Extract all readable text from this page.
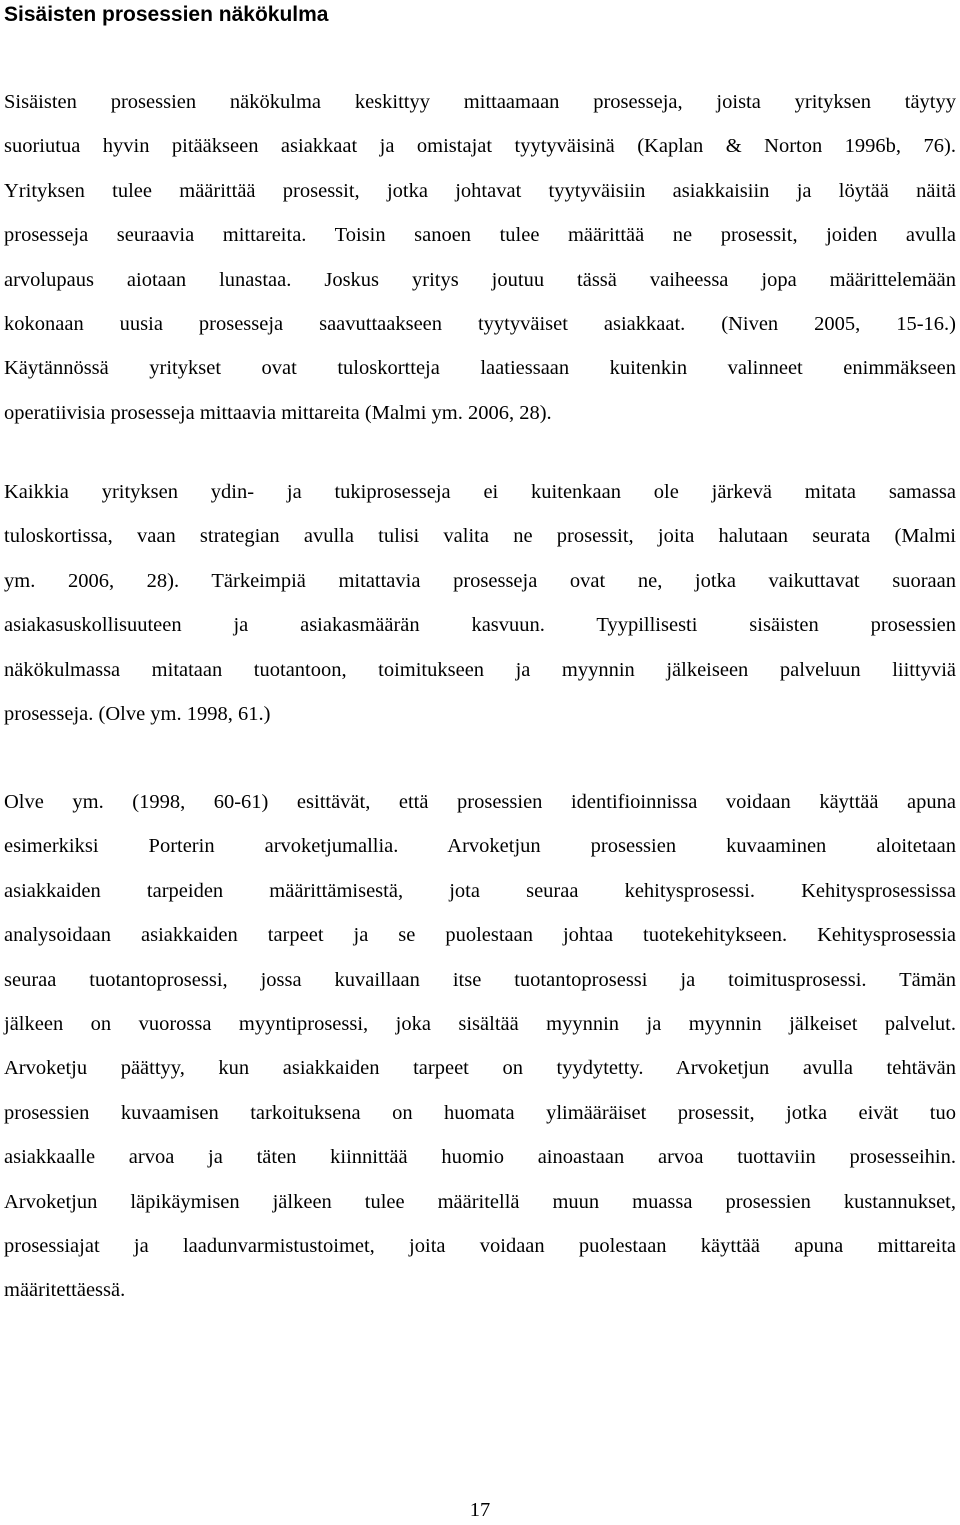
Sisäisten prosessien näkökulma

Sisäisten prosessien näkökulma keskittyy mittaamaan prosesseja, joista yrityksen täytyy
suoriutua hyvin pitääkseen asiakkaat ja omistajat tyytyväisinä (Kaplan & Norton 1996b, 76).
Yrityksen tulee määrittää prosessit, jotka johtavat tyytyväisiin asiakkaisiin ja löytää näitä
prosesseja seuraavia mittareita. Toisin sanoen tulee määrittää ne prosessit, joiden avulla
arvolupaus aiotaan lunastaa. Joskus yritys joutuu tässä vaiheessa jopa määrittelemään
kokonaan uusia prosesseja saavuttaakseen tyytyväiset asiakkaat. (Niven 2005, 15-16.)
Käytännössä yritykset ovat tuloskortteja laatiessaan kuitenkin valinneet enimmäkseen
operatiivisia prosesseja mittaavia mittareita (Malmi ym. 2006, 28).

Kaikkia yrityksen ydin- ja tukiprosesseja ei kuitenkaan ole järkevä mitata samassa
tuloskortissa, vaan strategian avulla tulisi valita ne prosessit, joita halutaan seurata (Malmi
ym. 2006, 28). Tärkeimpiä mitattavia prosesseja ovat ne, jotka vaikuttavat suoraan
asiakasuskollisuuteen ja asiakasmäärän kasvuun. Tyypillisesti sisäisten prosessien
näkökulmassa mitataan tuotantoon, toimitukseen ja myynnin jälkeiseen palveluun liittyviä
prosesseja. (Olve ym. 1998, 61.)

Olve ym. (1998, 60-61) esittävät, että prosessien identifioinnissa voidaan käyttää apuna
esimerkiksi Porterin arvoketjumallia. Arvoketjun prosessien kuvaaminen aloitetaan
asiakkaiden tarpeiden määrittämisestä, jota seuraa kehitysprosessi. Kehitysprosessissa
analysoidaan asiakkaiden tarpeet ja se puolestaan johtaa tuotekehitykseen. Kehitysprosessia
seuraa tuotantoprosessi, jossa kuvaillaan itse tuotantoprosessi ja toimitusprosessi. Tämän
jälkeen on vuorossa myyntiprosessi, joka sisältää myynnin ja myynnin jälkeiset palvelut.
Arvoketju päättyy, kun asiakkaiden tarpeet on tyydytetty. Arvoketjun avulla tehtävän
prosessien kuvaamisen tarkoituksena on huomata ylimääräiset prosessit, jotka eivät tuo
asiakkaalle arvoa ja täten kiinnittää huomio ainoastaan arvoa tuottaviin prosesseihin.
Arvoketjun läpikäymisen jälkeen tulee määritellä muun muassa prosessien kustannukset,
prosessiajat ja laadunvarmistustoimet, joita voidaan puolestaan käyttää apuna mittareita
määritettäessä.

17
